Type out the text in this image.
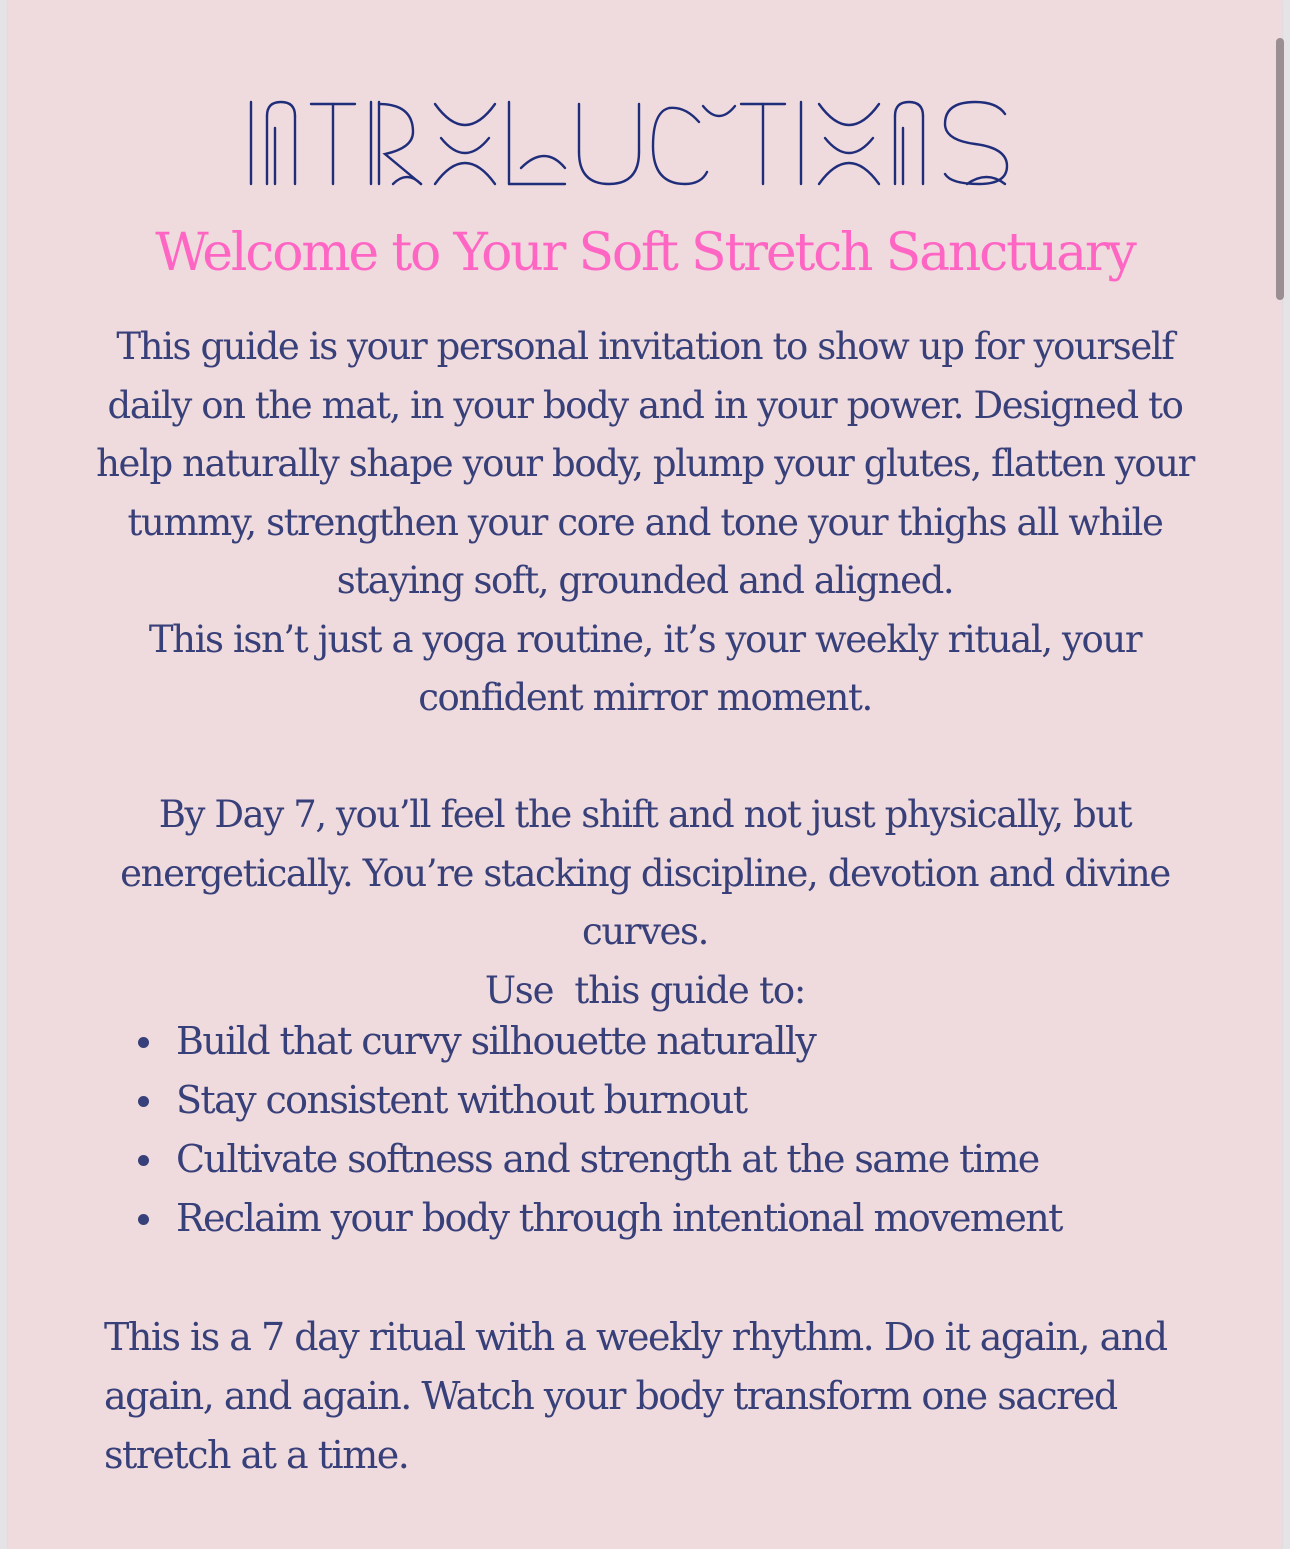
Welcome to Your Soft Stretch Sanctuary
This guide is your personal invitation to show up for yourself
daily on the mat, in your body and in your power. Designed to
help naturally shape your body, plump your glutes, flatten your
tummy, strengthen your core and tone your thighs all while
staying soft, grounded and aligned.
This isn’t just a yoga routine, it’s your weekly ritual, your
confident mirror moment.
By Day 7, you’ll feel the shift and not just physically, but
energetically. You’re stacking discipline, devotion and divine
curves.
Use  this guide to:
Build that curvy silhouette naturally
Stay consistent without burnout
Cultivate softness and strength at the same time
Reclaim your body through intentional movement
This is a 7 day ritual with a weekly rhythm. Do it again, and
again, and again. Watch your body transform one sacred
stretch at a time.
